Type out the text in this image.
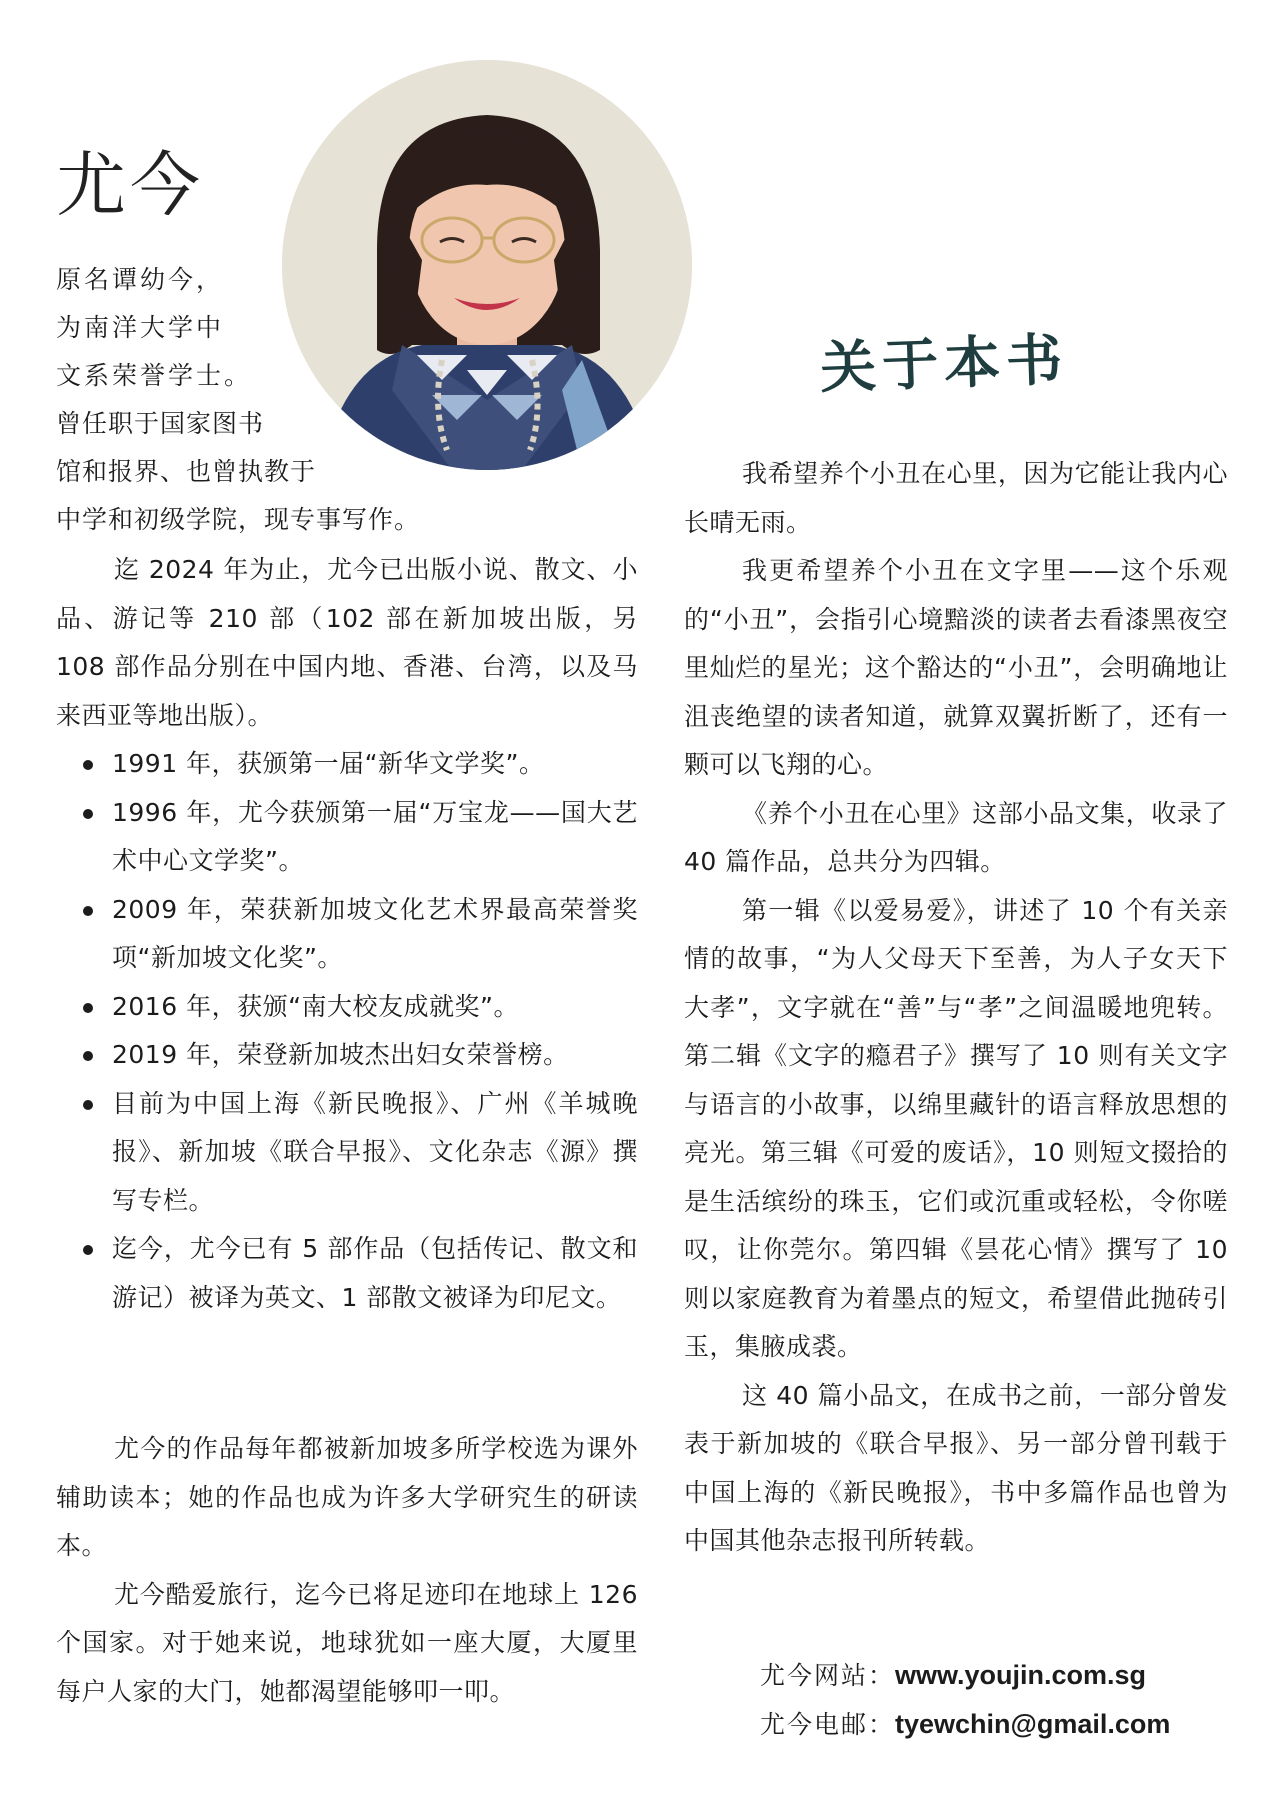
尤今
原名谭幼今，
为南洋大学中
文系荣誉学士。
曾任职于国家图书
馆和报界、也曾执教于
中学和初级学院，现专事写作。

迄 2024 年为止，尤今已出版小说、散文、小品、游记等 210 部（102 部在新加坡出版，另 108 部作品分别在中国内地、香港、台湾，以及马来西亚等地出版）。

1991 年，获颁第一届“新华文学奖”。
1996 年，尤今获颁第一届“万宝龙——国大艺术中心文学奖”。
2009 年，荣获新加坡文化艺术界最高荣誉奖项“新加坡文化奖”。
2016 年，获颁“南大校友成就奖”。
2019 年，荣登新加坡杰出妇女荣誉榜。
目前为中国上海《新民晚报》、广州《羊城晚报》、新加坡《联合早报》、文化杂志《源》撰写专栏。
迄今，尤今已有 5 部作品（包括传记、散文和游记）被译为英文、1 部散文被译为印尼文。

尤今的作品每年都被新加坡多所学校选为课外辅助读本；她的作品也成为许多大学研究生的研读本。

尤今酷爱旅行，迄今已将足迹印在地球上 126 个国家。对于她来说，地球犹如一座大厦，大厦里每户人家的大门，她都渴望能够叩一叩。

关于本书

我希望养个小丑在心里，因为它能让我内心长晴无雨。

我更希望养个小丑在文字里——这个乐观的“小丑”，会指引心境黯淡的读者去看漆黑夜空里灿烂的星光；这个豁达的“小丑”，会明确地让沮丧绝望的读者知道，就算双翼折断了，还有一颗可以飞翔的心。

《养个小丑在心里》这部小品文集，收录了 40 篇作品，总共分为四辑。

第一辑《以爱易爱》，讲述了 10 个有关亲情的故事，“为人父母天下至善，为人子女天下大孝”，文字就在“善”与“孝”之间温暖地兜转。第二辑《文字的瘾君子》撰写了 10 则有关文字与语言的小故事，以绵里藏针的语言释放思想的亮光。第三辑《可爱的废话》，10 则短文掇拾的是生活缤纷的珠玉，它们或沉重或轻松，令你嗟叹，让你莞尔。第四辑《昙花心情》撰写了 10 则以家庭教育为着墨点的短文，希望借此抛砖引玉，集腋成裘。

这 40 篇小品文，在成书之前，一部分曾发表于新加坡的《联合早报》、另一部分曾刊载于中国上海的《新民晚报》，书中多篇作品也曾为中国其他杂志报刊所转载。

尤今网站：www.youjin.com.sg
尤今电邮：tyewchin@gmail.com
